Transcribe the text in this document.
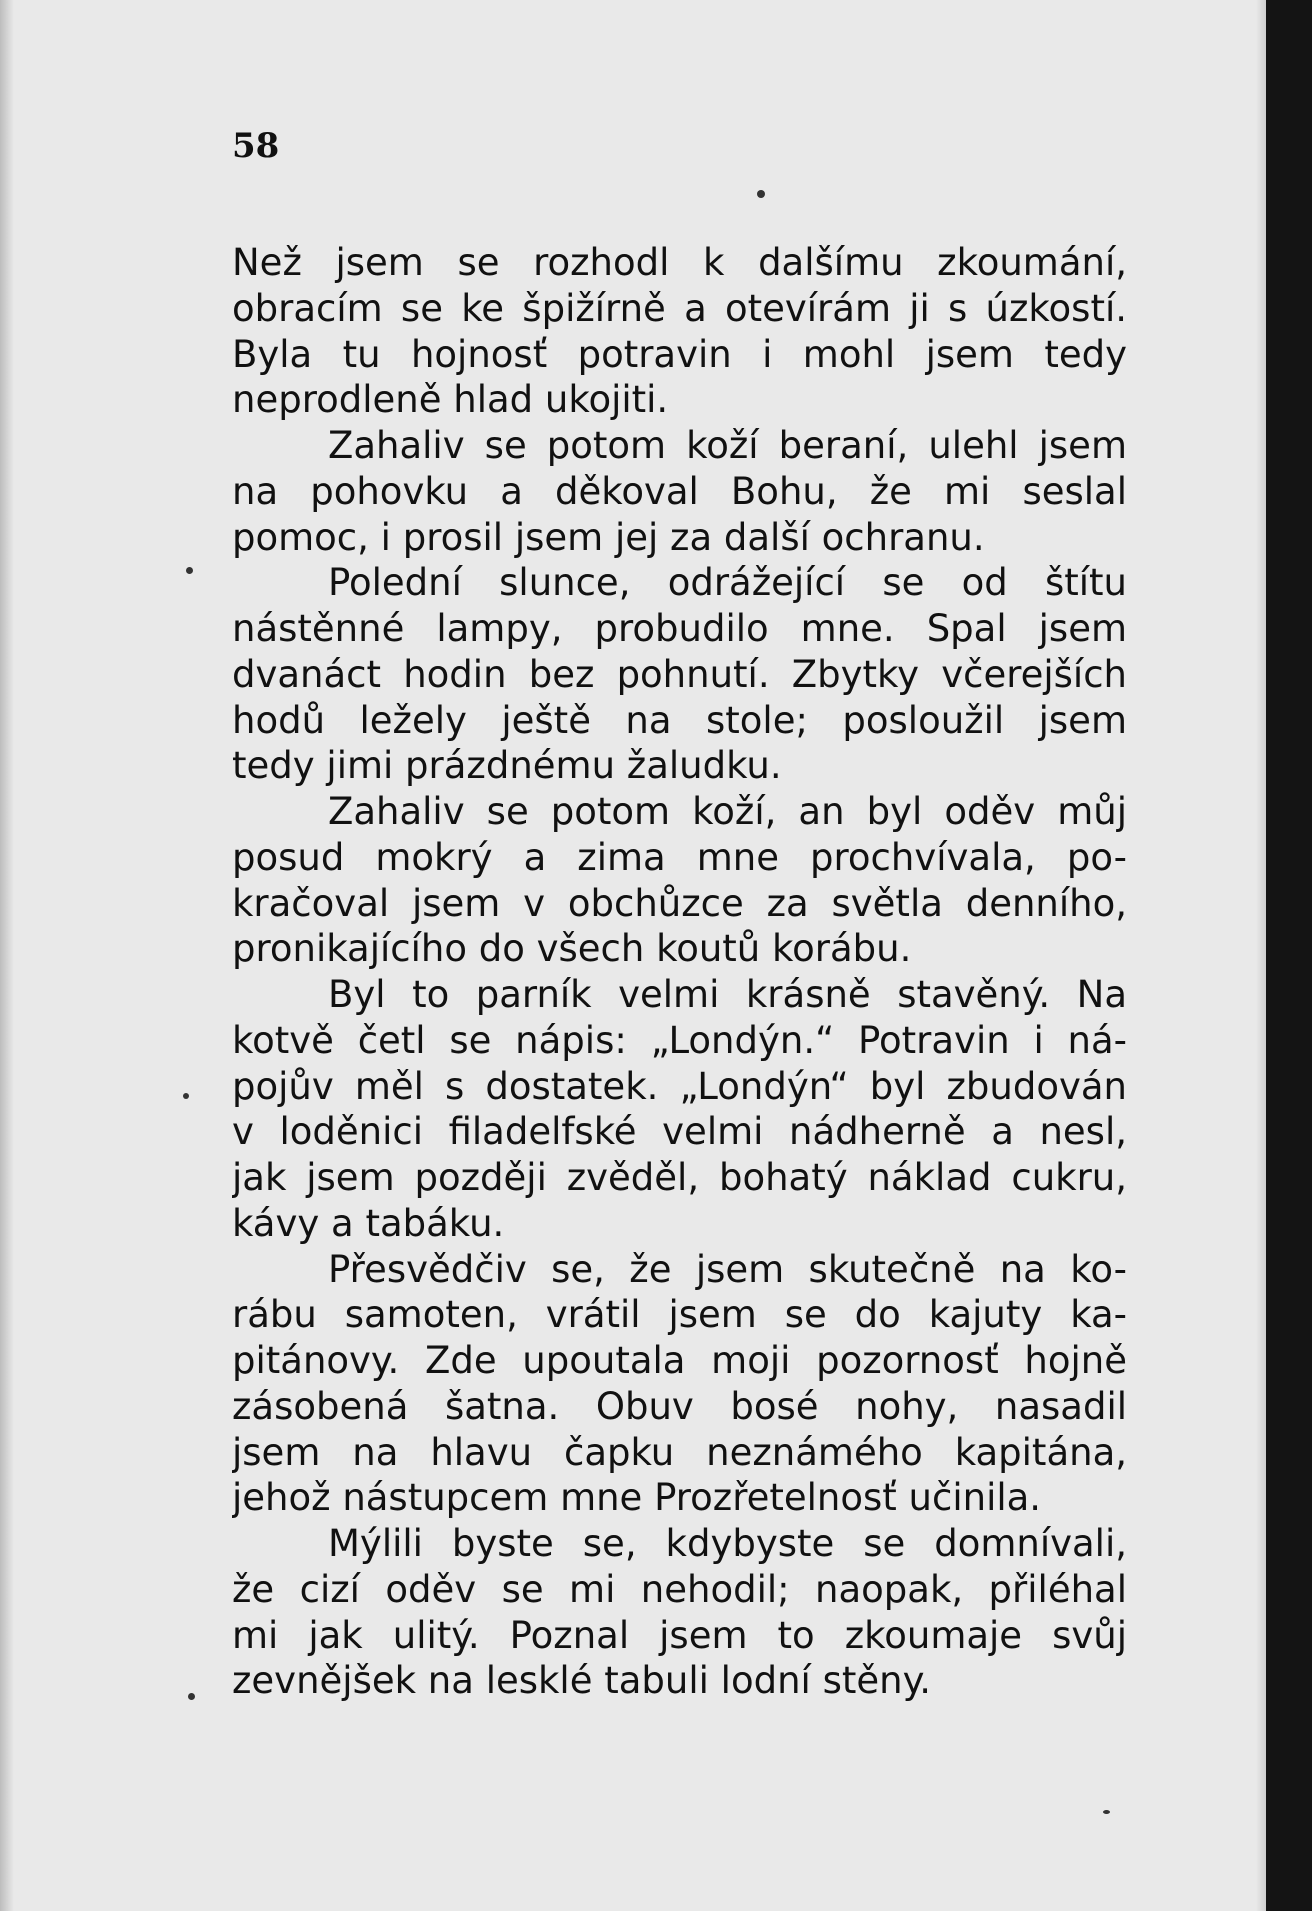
58

Než jsem se rozhodl k dalšímu zkoumání,
obracím se ke špižírně a otevírám ji s úzkostí.
Byla tu hojnosť potravin i mohl jsem tedy
neprodleně hlad ukojiti.

Zahaliv se potom koží beraní, ulehl jsem
na pohovku a děkoval Bohu, že mi seslal
pomoc, i prosil jsem jej za další ochranu.

Polední slunce, odrážející se od štítu
nástěnné lampy, probudilo mne. Spal jsem
dvanáct hodin bez pohnutí. Zbytky včerejších
hodů ležely ještě na stole; posloužil jsem
tedy jimi prázdnému žaludku.

Zahaliv se potom koží, an byl oděv můj
posud mokrý a zima mne prochvívala, po-
kračoval jsem v obchůzce za světla denního,
pronikajícího do všech koutů korábu.

Byl to parník velmi krásně stavěný. Na
kotvě četl se nápis: „Londýn.“ Potravin i ná-
pojův měl s dostatek. „Londýn“ byl zbudován
v loděnici filadelfské velmi nádherně a nesl,
jak jsem později zvěděl, bohatý náklad cukru,
kávy a tabáku.

Přesvědčiv se, že jsem skutečně na ko-
rábu samoten, vrátil jsem se do kajuty ka-
pitánovy. Zde upoutala moji pozornosť hojně
zásobená šatna. Obuv bosé nohy, nasadil
jsem na hlavu čapku neznámého kapitána,
jehož nástupcem mne Prozřetelnosť učinila.

Mýlili byste se, kdybyste se domnívali,
že cizí oděv se mi nehodil; naopak, přiléhal
mi jak ulitý. Poznal jsem to zkoumaje svůj
zevnějšek na lesklé tabuli lodní stěny.
